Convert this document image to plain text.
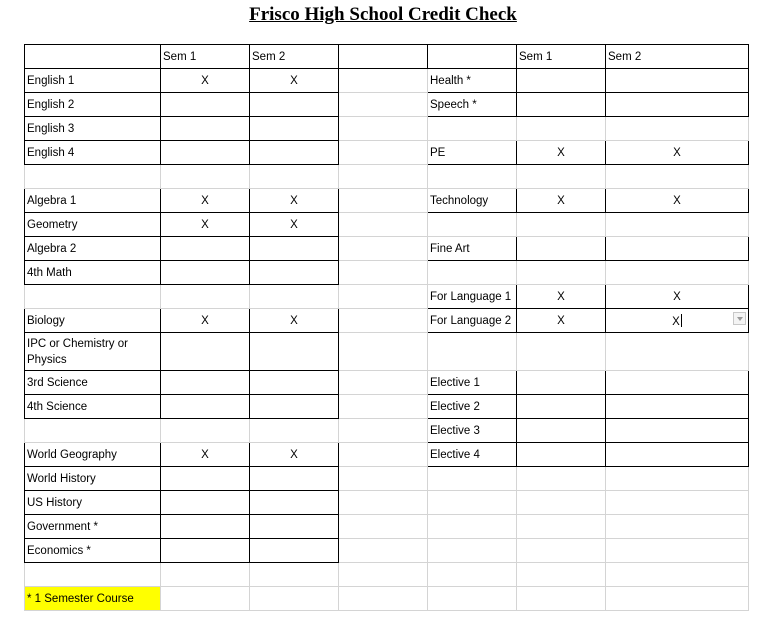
Frisco High School Credit Check
	Sem 1	Sem 2			Sem 1	Sem 2
English 1	X	X		Health *		
English 2				Speech *		
English 3						
English 4				PE	X	X

Algebra 1	X	X		Technology	X	X
Geometry	X	X				
Algebra 2				Fine Art		
4th Math						
				For Language 1	X	X
Biology	X	X		For Language 2	X	X

IPC or Chemistry or Physics						
3rd Science				Elective 1		
4th Science				Elective 2		
				Elective 3		
World Geography	X	X		Elective 4		
World History						
US History						
Government *						
Economics *						

* 1 Semester Course						
